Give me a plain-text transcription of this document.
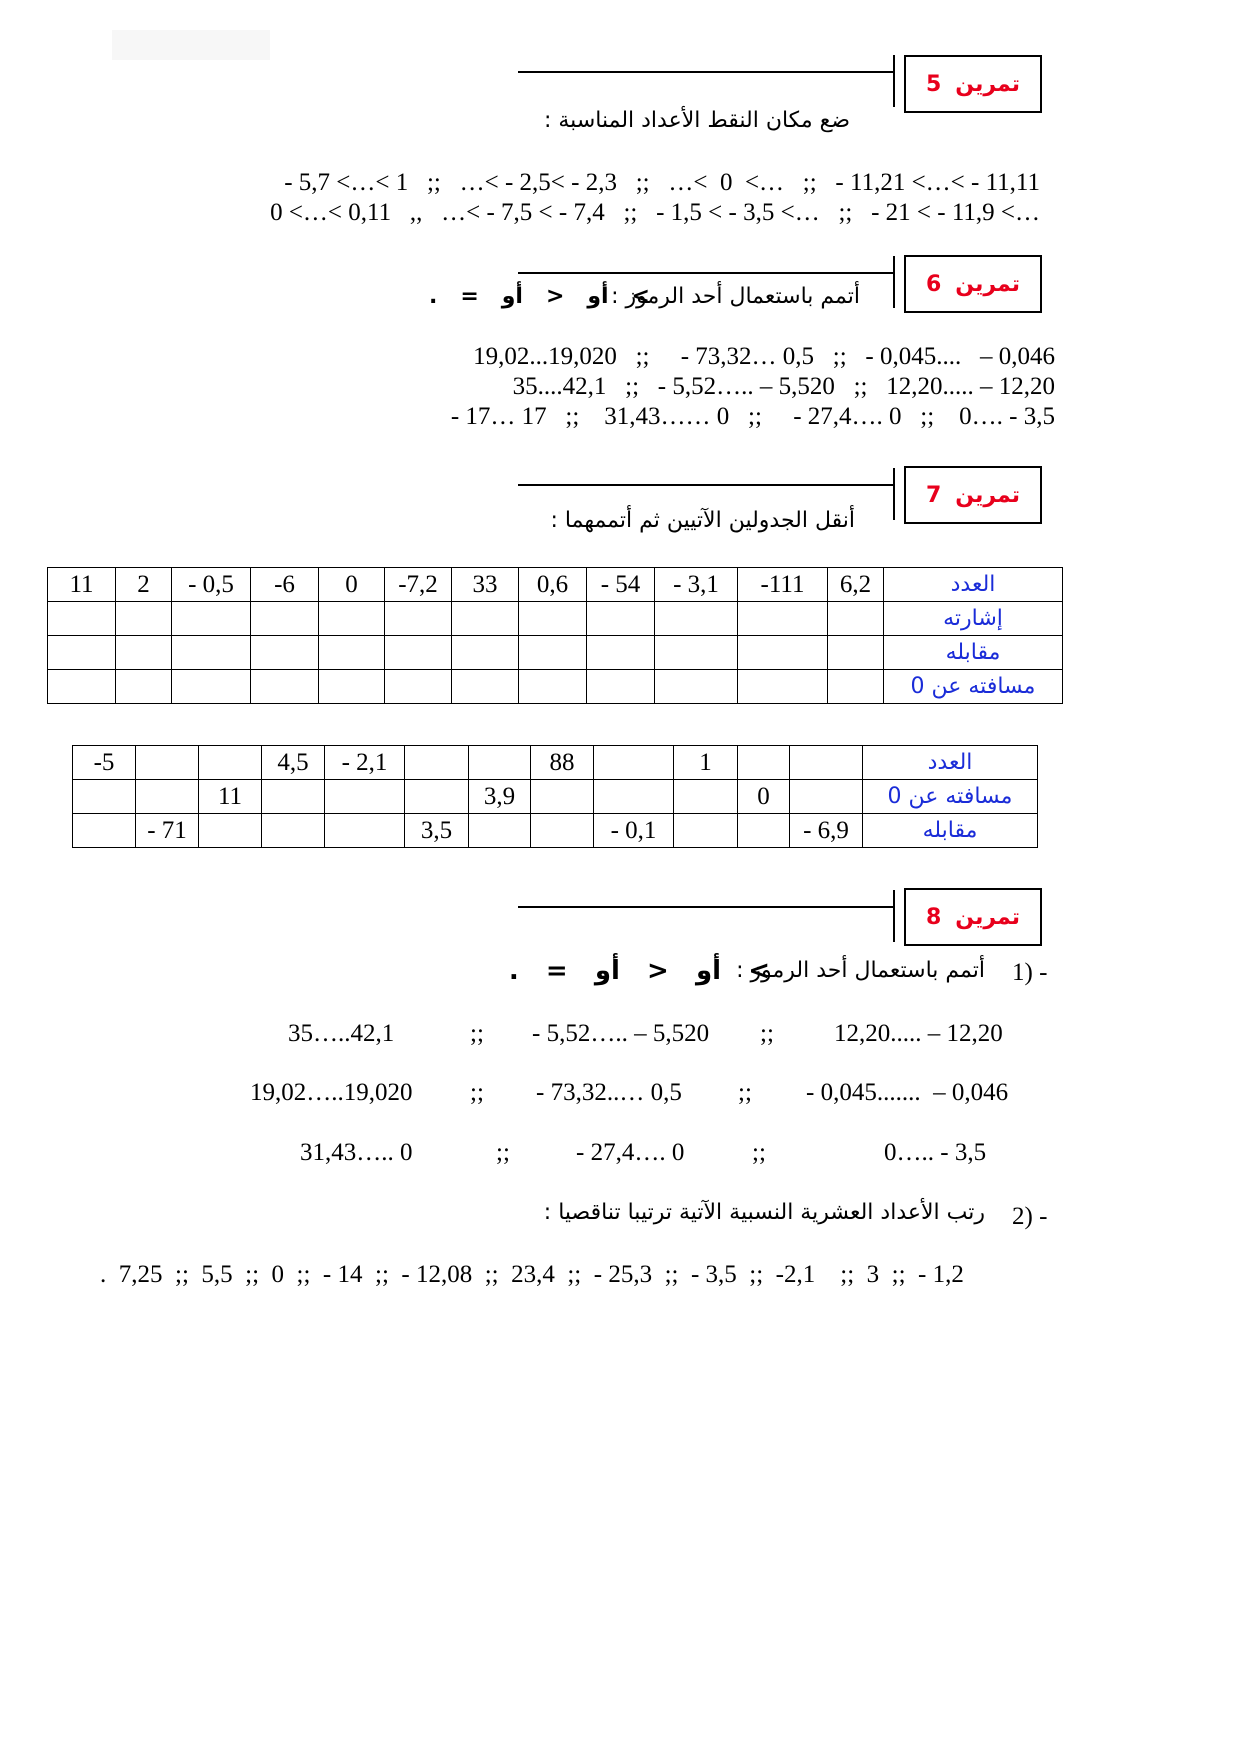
تمرين
5
ضع مكان النقط الأعداد المناسبة :
- 5,7 <…< 1   ;;   …< - 2,5< - 2,3   ;;   …<  0  <…   ;;   - 11,21 <…< - 11,11
0 <…< 0,11   ,,   …< - 7,5 < - 7,4   ;;   - 1,5 < - 3,5 <…   ;;   - 21 < - 11,9 <…
تمرين
6
أتمم باستعمال أحد الرموز :
>   أو   <   أو   =   .
19,02...19,020   ;;     - 73,32… 0,5   ;;   - 0,045....   – 0,046
35....42,1   ;;   - 5,52….. – 5,520   ;;   12,20..... – 12,20
- 17… 17   ;;    31,43…… 0   ;;     - 27,4…. 0   ;;    0…. - 3,5
تمرين
7
أنقل الجدولين الآتيين ثم أتممهما :
11	2	- 0,5	-6	0	-7,2	33	0,6	- 54	- 3,1	-111	6,2	العدد
												إشارته
												مقابله
												مسافته عن 0
-5			4,5	- 2,1			88		1			العدد
		11				3,9				0		مسافته عن 0
	- 71				3,5			- 0,1			- 6,9	مقابله
تمرين
8
1) -
أتمم باستعمال أحد الرموز :
>   أو   <   أو   =   .
35…..42,1	;; - 5,52….. – 5,520 ;; 12,20..... – 12,20
19,02…..19,020 ;; - 73,32..… 0,5 ;; - 0,045.......  – 0,046
31,43….. 0	;;	- 27,4…. 0	;;	0….. - 3,5
2) -
رتب الأعداد العشرية النسبية الآتية ترتيبا تناقصيا :
.  7,25  ;;  5,5  ;;  0  ;;  - 14  ;;  - 12,08  ;;  23,4  ;;  - 25,3  ;;  - 3,5  ;;  -2,1    ;;  3  ;;  - 1,2
